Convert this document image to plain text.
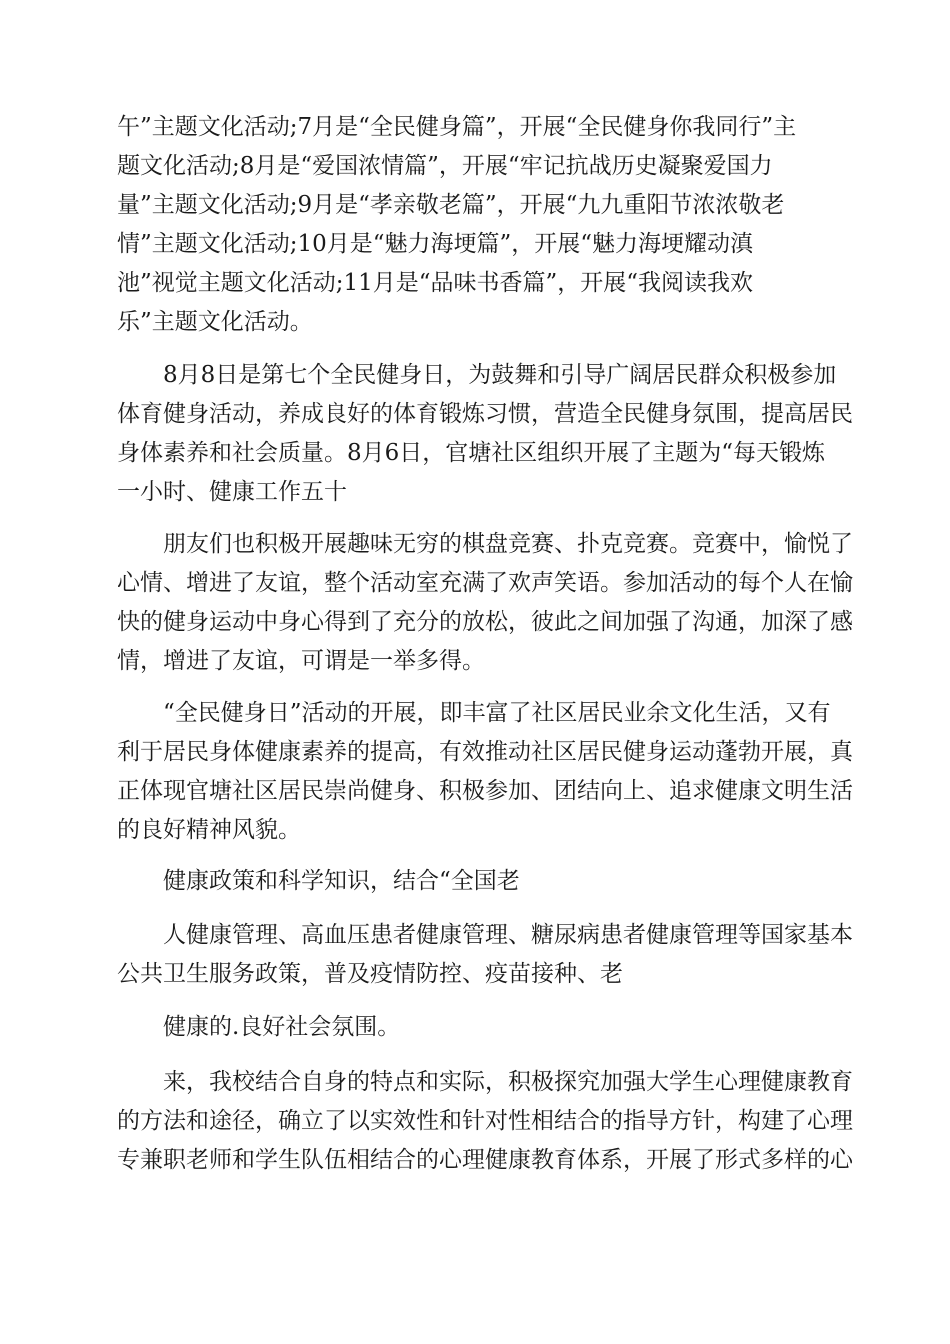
午”主题文化活动;7月是“全民健身篇”，开展“全民健身你我同行”主
题文化活动;8月是“爱国浓情篇”，开展“牢记抗战历史凝聚爱国力
量”主题文化活动;9月是“孝亲敬老篇”，开展“九九重阳节浓浓敬老
情”主题文化活动;10月是“魅力海埂篇”，开展“魅力海埂耀动滇
池”视觉主题文化活动;11月是“品味书香篇”，开展“我阅读我欢
乐”主题文化活动。

8月8日是第七个全民健身日，为鼓舞和引导广阔居民群众积极参加
体育健身活动，养成良好的体育锻炼习惯，营造全民健身氛围，提高居民
身体素养和社会质量。8月6日，官塘社区组织开展了主题为“每天锻炼
一小时、健康工作五十

朋友们也积极开展趣味无穷的棋盘竞赛、扑克竞赛。竞赛中，愉悦了
心情、增进了友谊，整个活动室充满了欢声笑语。参加活动的每个人在愉
快的健身运动中身心得到了充分的放松，彼此之间加强了沟通，加深了感
情，增进了友谊，可谓是一举多得。

“全民健身日”活动的开展，即丰富了社区居民业余文化生活，又有
利于居民身体健康素养的提高，有效推动社区居民健身运动蓬勃开展，真
正体现官塘社区居民崇尚健身、积极参加、团结向上、追求健康文明生活
的良好精神风貌。

健康政策和科学知识，结合“全国老

人健康管理、高血压患者健康管理、糖尿病患者健康管理等国家基本
公共卫生服务政策，普及疫情防控、疫苗接种、老

健康的.良好社会氛围。

来，我校结合自身的特点和实际，积极探究加强大学生心理健康教育
的方法和途径，确立了以实效性和针对性相结合的指导方针，构建了心理
专兼职老师和学生队伍相结合的心理健康教育体系，开展了形式多样的心
